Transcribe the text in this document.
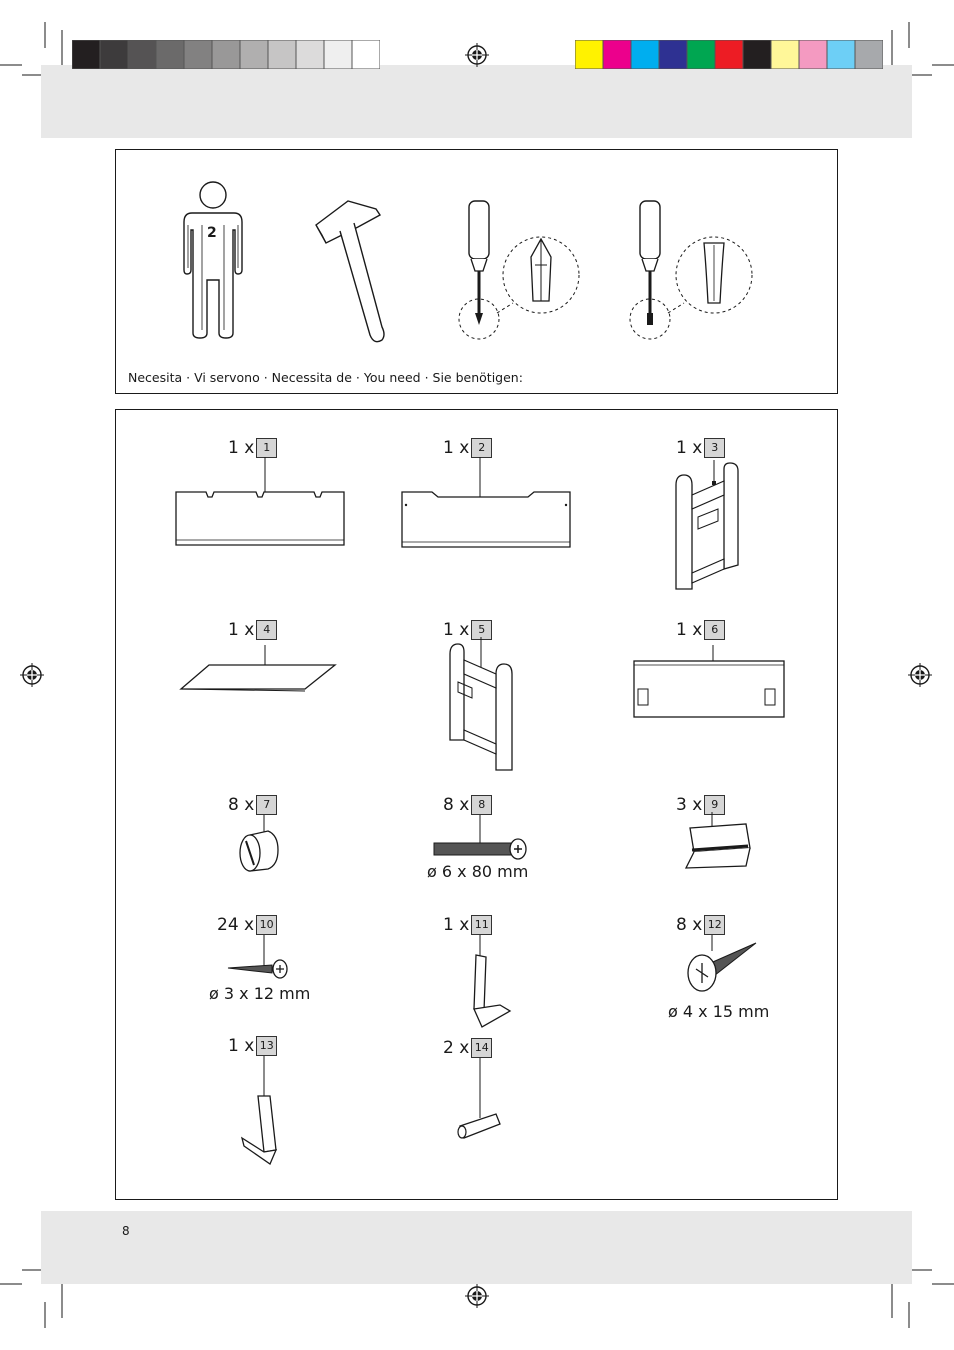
2
Necesita · Vi servono · Necessita de · You need · Sie benötigen:
1 x 1	1 x 2	1 x 3
1 x 4	1 x 5	1 x 6
8 x 7	8 x 8	3 x 9
24 x 10	1 x 11	8 x 12
1 x 13	2 x 14
ø 6 x 80 mm
ø 3 x 12 mm
ø 4 x 15 mm
8
